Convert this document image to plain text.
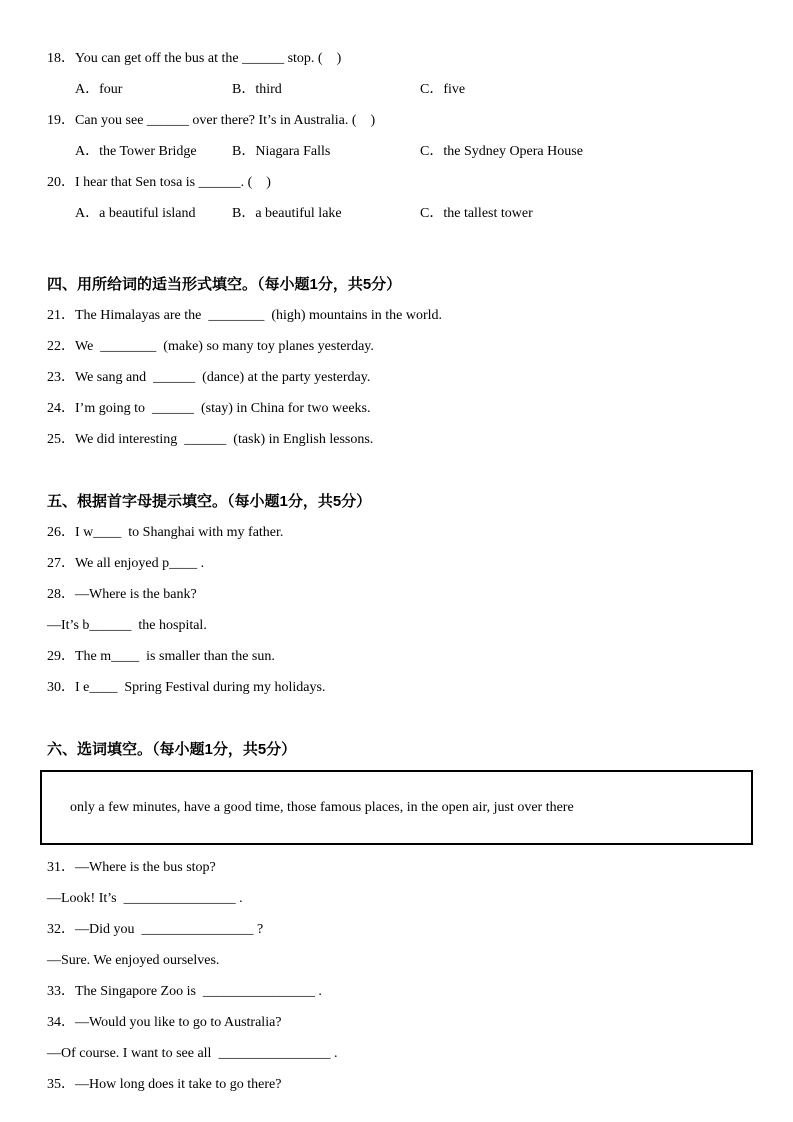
18．You can get off the bus at the ______ stop. (    )
A．four	B．third	C．five
19．Can you see ______ over there? It’s in Australia. (    )
A．the Tower Bridge	B．Niagara Falls	C．the Sydney Opera House
20．I hear that Sen tosa is ______. (    )
A．a beautiful island	B．a beautiful lake	C．the tallest tower
四、用所给词的适当形式填空。（每小题1分，共5分）
21．The Himalayas are the  ________  (high) mountains in the world.
22．We  ________  (make) so many toy planes yesterday.
23．We sang and  ______  (dance) at the party yesterday.
24．I’m going to  ______  (stay) in China for two weeks.
25．We did interesting  ______  (task) in English lessons.
五、根据首字母提示填空。（每小题1分，共5分）
26．I w____  to Shanghai with my father.
27．We all enjoyed p____ .
28．—Where is the bank?
—It’s b______  the hospital.
29．The m____  is smaller than the sun.
30．I e____  Spring Festival during my holidays.
六、选词填空。（每小题1分，共5分）

only a few minutes, have a good time, those famous places, in the open air, just over there

31．—Where is the bus stop?
—Look! It’s  ________________ .
32．—Did you  ________________ ?
—Sure. We enjoyed ourselves.
33．The Singapore Zoo is  ________________ .
34．—Would you like to go to Australia?
—Of course. I want to see all  ________________ .
35．—How long does it take to go there?
